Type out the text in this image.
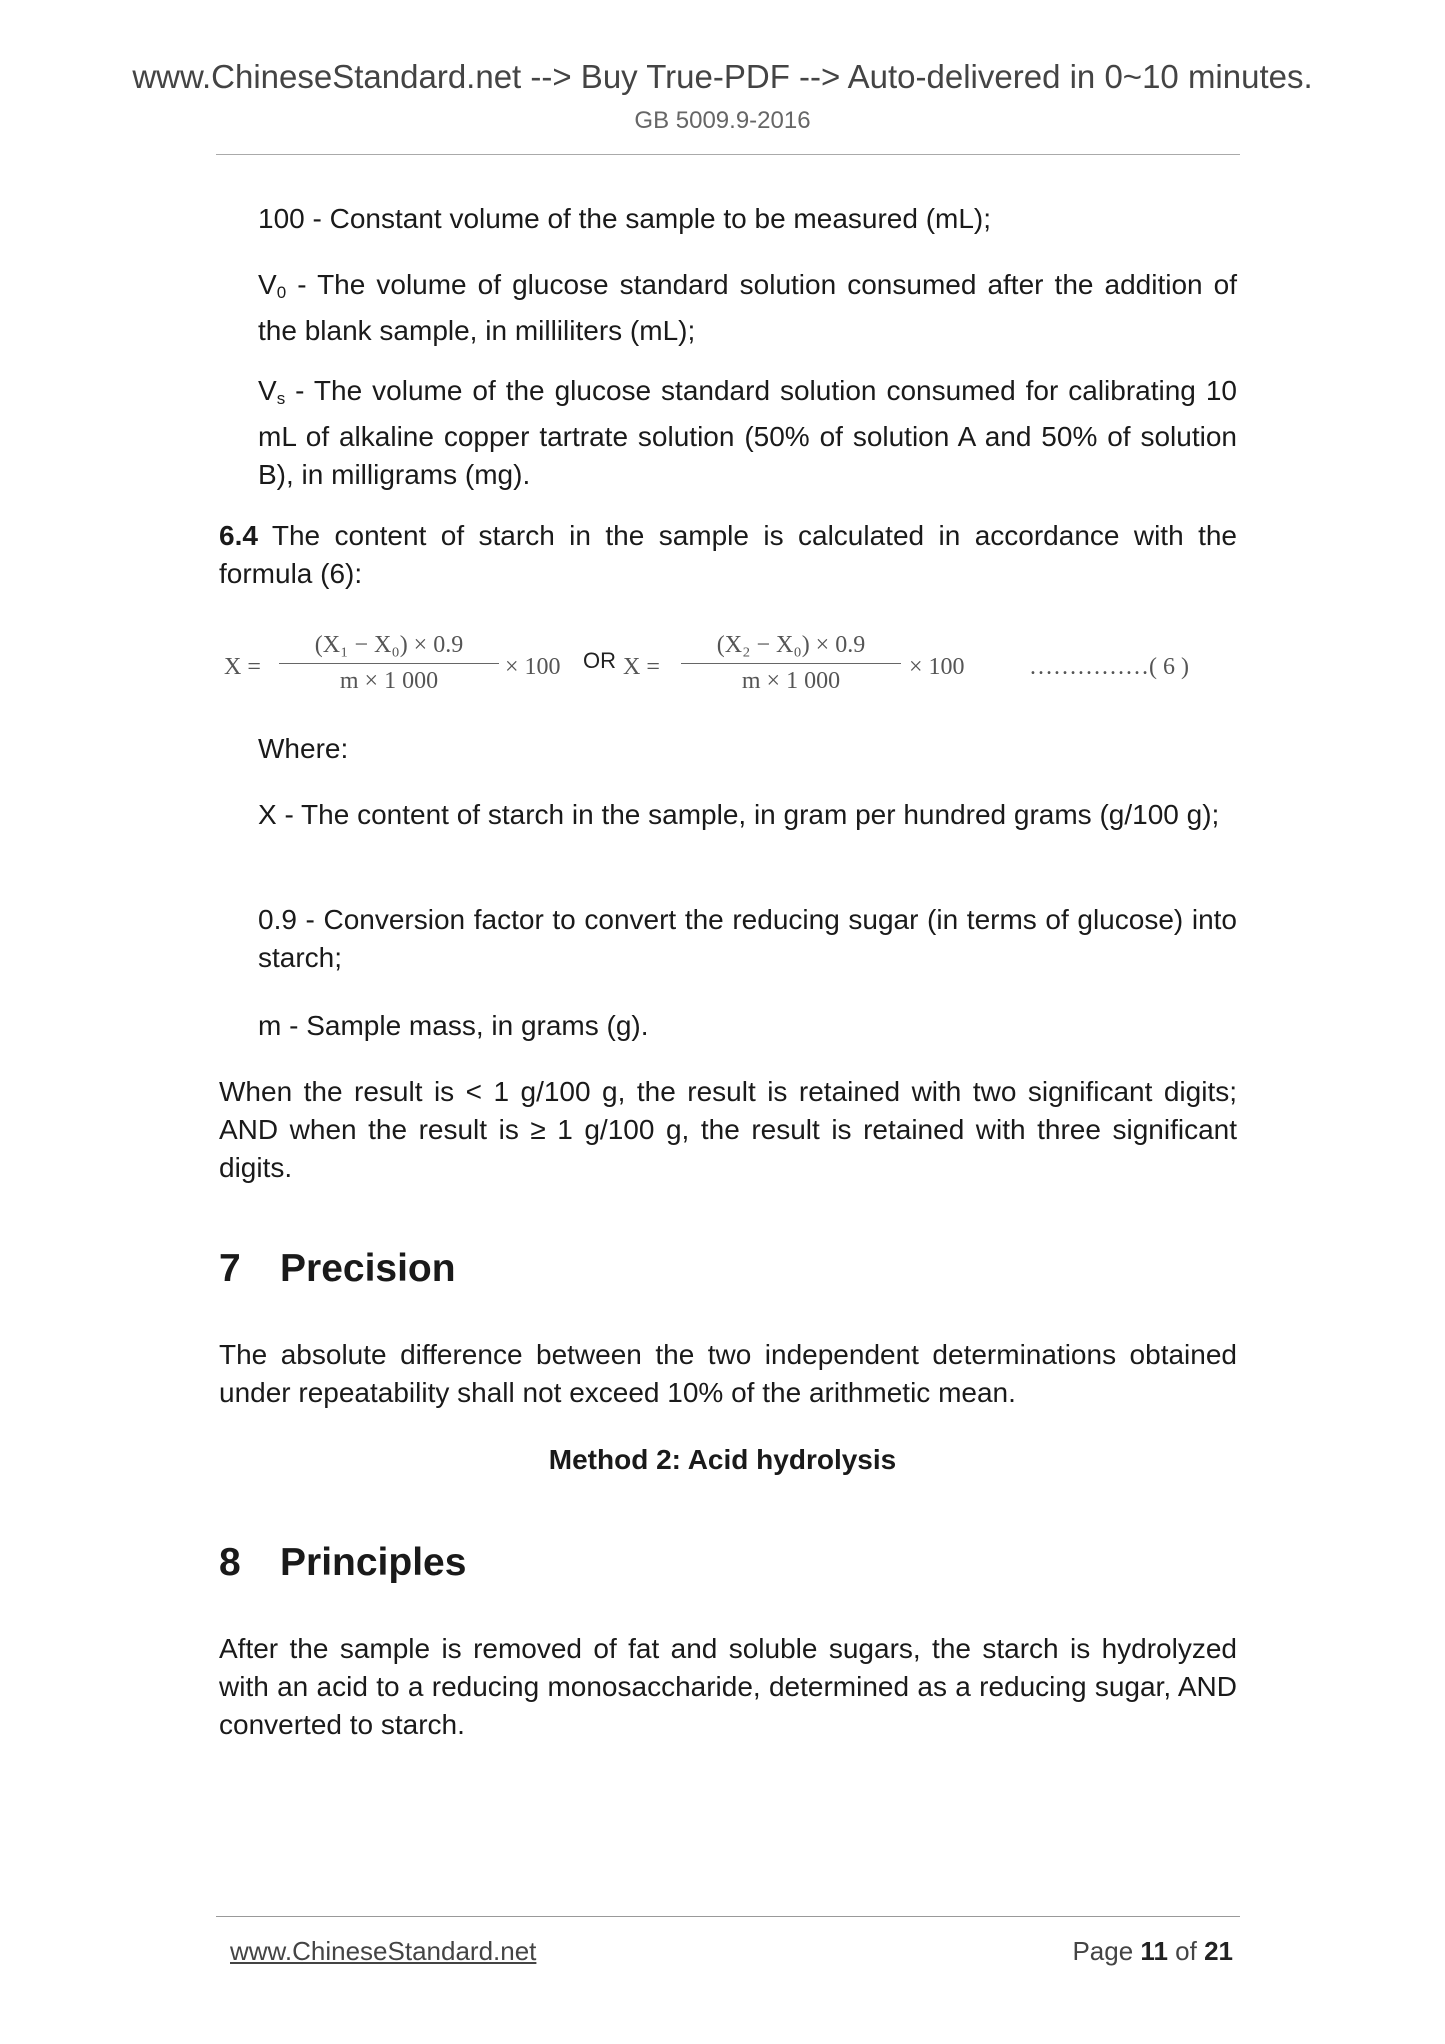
www.ChineseStandard.net --> Buy True-PDF --> Auto-delivered in 0~10 minutes.
GB 5009.9-2016

100 - Constant volume of the sample to be measured (mL);

$V_0$ - The volume of glucose standard solution consumed after the addition of the blank sample, in milliliters (mL);

$V_s$ - The volume of the glucose standard solution consumed for calibrating 10 mL of alkaline copper tartrate solution (50% of solution A and 50% of solution B), in milligrams (mg).

6.4 The content of starch in the sample is calculated in accordance with the formula (6):

$X = \frac{\text{(X₁ − X₀) × 0.9}}{m \times 1 000} \times 100$ OR $X = \frac{\text{(X₂ − X₀) × 0.9}}{m \times 1 000} \times 100$	……………( 6 )

Where:

X - The content of starch in the sample, in gram per hundred grams (g/100 g);

0.9 - Conversion factor to convert the reducing sugar (in terms of glucose) into starch;

m - Sample mass, in grams (g).

When the result is < 1 g/100 g, the result is retained with two significant digits; AND when the result is ≥ 1 g/100 g, the result is retained with three significant digits.

7 Precision

The absolute difference between the two independent determinations obtained under repeatability shall not exceed 10% of the arithmetic mean.

Method 2: Acid hydrolysis
8 Principles

After the sample is removed of fat and soluble sugars, the starch is hydrolyzed with an acid to a reducing monosaccharide, determined as a reducing sugar, AND converted to starch.

www.ChineseStandard.net	Page 11 of 21
